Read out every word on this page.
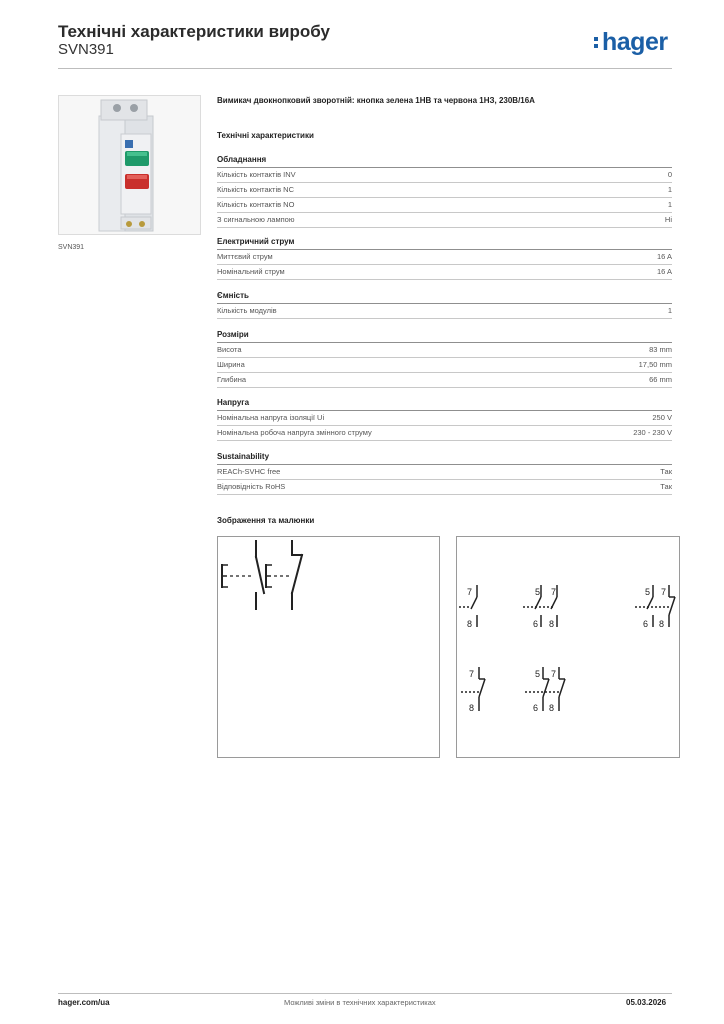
Технічні характеристики виробу
SVN391	hager
SVN391
Вимикач двокнопковий зворотній: кнопка зелена 1НВ та червона 1НЗ, 230В/16А
Технічні характеристики
Обладнання
Кількість контактів INV	0
Кількість контактів NC	1
Кількість контактів NO	1
З сигнальною лампою	Ні
Електричний струм
Миттєвий струм	16 A
Номінальний струм	16 A
Ємність
Кількість модулів	1
Розміри
Висота	83 mm
Ширина	17,50 mm
Глибина	66 mm
Напруга
Номінальна напруга ізоляції Ui	250 V
Номінальна робоча напруга змінного струму	230 - 230 V
Sustainability
REACh-SVHC free	Так
Відповідність RoHS	Так
Зображення та малюнки
7
8
5 7
6 8
5 7
6 8
7
8
5 7
6 8
hager.com/ua	Можливі зміни в технічних характеристиках	05.03.2026
